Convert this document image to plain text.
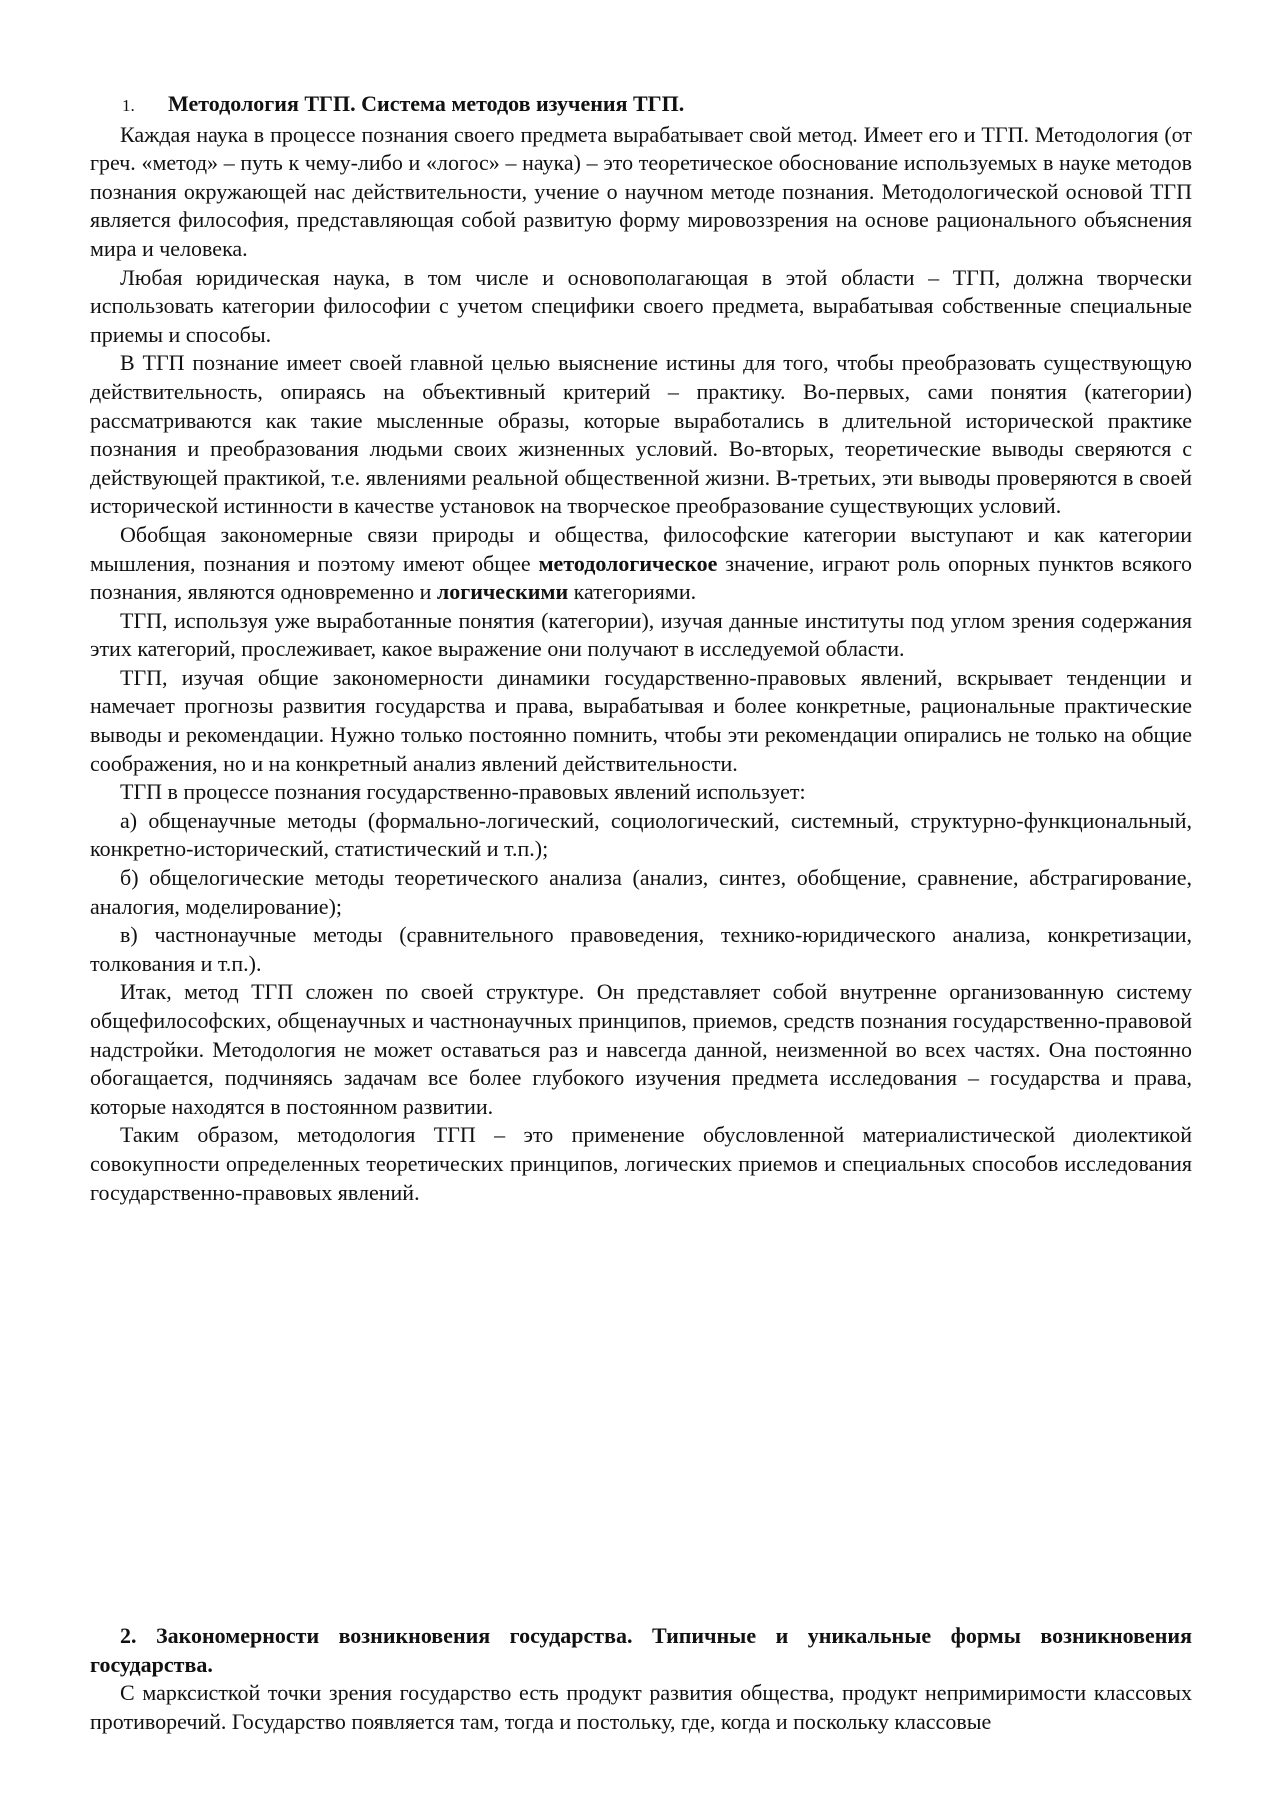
1. Методология ТГП. Система методов изучения ТГП.

Каждая наука в процессе познания своего предмета вырабатывает свой метод. Имеет его и ТГП. Методология (от греч. «метод» – путь к чему-либо и «логос» – наука) – это теоретическое обоснование используемых в науке методов познания окружающей нас действительности, учение о научном методе познания. Методологической основой ТГП является философия, представляющая собой развитую форму мировоззрения на основе рационального объяснения мира и человека.

Любая юридическая наука, в том числе и основополагающая в этой области – ТГП, должна творчески использовать категории философии с учетом специфики своего предмета, вырабатывая собственные специальные приемы и способы.

В ТГП познание имеет своей главной целью выяснение истины для того, чтобы преобразовать существующую действительность, опираясь на объективный критерий – практику. Во-первых, сами понятия (категории) рассматриваются как такие мысленные образы, которые выработались в длительной исторической практике познания и преобразования людьми своих жизненных условий. Во-вторых, теоретические выводы сверяются с действующей практикой, т.е. явлениями реальной общественной жизни. В-третьих, эти выводы проверяются в своей исторической истинности в качестве установок на творческое преобразование существующих условий.

Обобщая закономерные связи природы и общества, философские категории выступают и как категории мышления, познания и поэтому имеют общее методологическое значение, играют роль опорных пунктов всякого познания, являются одновременно и логическими категориями.

ТГП, используя уже выработанные понятия (категории), изучая данные институты под углом зрения содержания этих категорий, прослеживает, какое выражение они получают в исследуемой области.

ТГП, изучая общие закономерности динамики государственно-правовых явлений, вскрывает тенденции и намечает прогнозы развития государства и права, вырабатывая и более конкретные, рациональные практические выводы и рекомендации. Нужно только постоянно помнить, чтобы эти рекомендации опирались не только на общие соображения, но и на конкретный анализ явлений действительности.

ТГП в процессе познания государственно-правовых явлений использует:

а) общенаучные методы (формально-логический, социологический, системный, структурно-функциональный, конкретно-исторический, статистический и т.п.);

б) общелогические методы теоретического анализа (анализ, синтез, обобщение, сравнение, абстрагирование, аналогия, моделирование);

в) частнонаучные методы (сравнительного правоведения, технико-юридического анализа, конкретизации, толкования и т.п.).

Итак, метод ТГП сложен по своей структуре. Он представляет собой внутренне организованную систему общефилософских, общенаучных и частнонаучных принципов, приемов, средств познания государственно-правовой надстройки. Методология не может оставаться раз и навсегда данной, неизменной во всех частях. Она постоянно обогащается, подчиняясь задачам все более глубокого изучения предмета исследования – государства и права, которые находятся в постоянном развитии.

Таким образом, методология ТГП – это применение обусловленной материалистической диолектикой совокупности определенных теоретических принципов, логических приемов и специальных способов исследования государственно-правовых явлений.

2. Закономерности возникновения государства. Типичные и уникальные формы возникновения государства.

С марксисткой точки зрения государство есть продукт развития общества, продукт непримиримости классовых противоречий. Государство появляется там, тогда и постольку, где, когда и поскольку классовые
